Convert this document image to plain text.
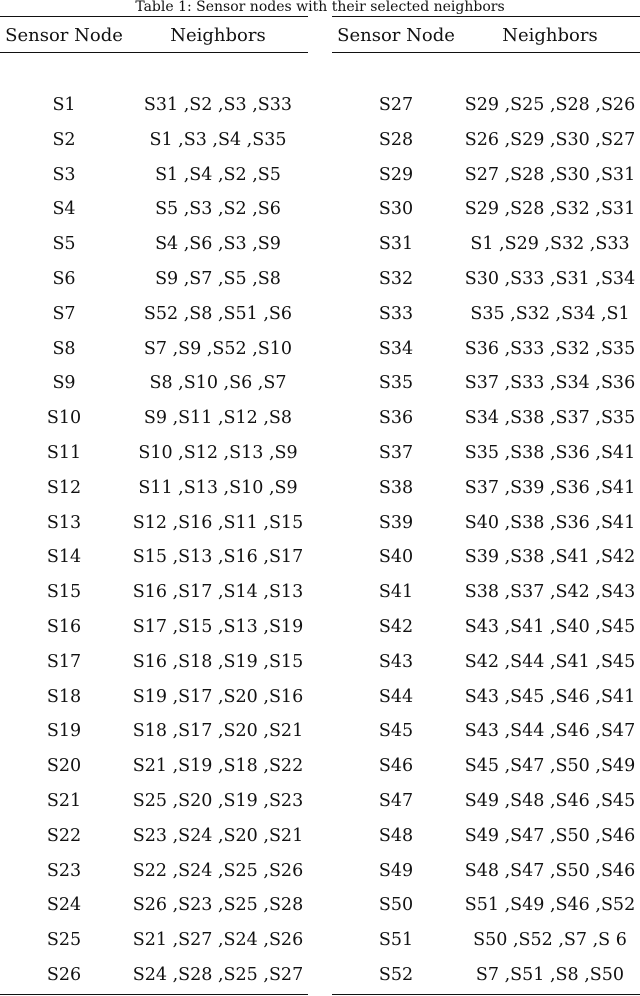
Table 1: Sensor nodes with their selected neighbors
Sensor Node	Neighbors
S1	S31 ,S2 ,S3 ,S33
S2	S1 ,S3 ,S4 ,S35
S3	S1 ,S4 ,S2 ,S5
S4	S5 ,S3 ,S2 ,S6
S5	S4 ,S6 ,S3 ,S9
S6	S9 ,S7 ,S5 ,S8
S7	S52 ,S8 ,S51 ,S6
S8	S7 ,S9 ,S52 ,S10
S9	S8 ,S10 ,S6 ,S7
S10	S9 ,S11 ,S12 ,S8
S11	S10 ,S12 ,S13 ,S9
S12	S11 ,S13 ,S10 ,S9
S13	S12 ,S16 ,S11 ,S15
S14	S15 ,S13 ,S16 ,S17
S15	S16 ,S17 ,S14 ,S13
S16	S17 ,S15 ,S13 ,S19
S17	S16 ,S18 ,S19 ,S15
S18	S19 ,S17 ,S20 ,S16
S19	S18 ,S17 ,S20 ,S21
S20	S21 ,S19 ,S18 ,S22
S21	S25 ,S20 ,S19 ,S23
S22	S23 ,S24 ,S20 ,S21
S23	S22 ,S24 ,S25 ,S26
S24	S26 ,S23 ,S25 ,S28
S25	S21 ,S27 ,S24 ,S26
S26	S24 ,S28 ,S25 ,S27
Sensor Node	Neighbors
S27	S29 ,S25 ,S28 ,S26
S28	S26 ,S29 ,S30 ,S27
S29	S27 ,S28 ,S30 ,S31
S30	S29 ,S28 ,S32 ,S31
S31	S1 ,S29 ,S32 ,S33
S32	S30 ,S33 ,S31 ,S34
S33	S35 ,S32 ,S34 ,S1
S34	S36 ,S33 ,S32 ,S35
S35	S37 ,S33 ,S34 ,S36
S36	S34 ,S38 ,S37 ,S35
S37	S35 ,S38 ,S36 ,S41
S38	S37 ,S39 ,S36 ,S41
S39	S40 ,S38 ,S36 ,S41
S40	S39 ,S38 ,S41 ,S42
S41	S38 ,S37 ,S42 ,S43
S42	S43 ,S41 ,S40 ,S45
S43	S42 ,S44 ,S41 ,S45
S44	S43 ,S45 ,S46 ,S41
S45	S43 ,S44 ,S46 ,S47
S46	S45 ,S47 ,S50 ,S49
S47	S49 ,S48 ,S46 ,S45
S48	S49 ,S47 ,S50 ,S46
S49	S48 ,S47 ,S50 ,S46
S50	S51 ,S49 ,S46 ,S52
S51	S50 ,S52 ,S7 ,S 6
S52	S7 ,S51 ,S8 ,S50
